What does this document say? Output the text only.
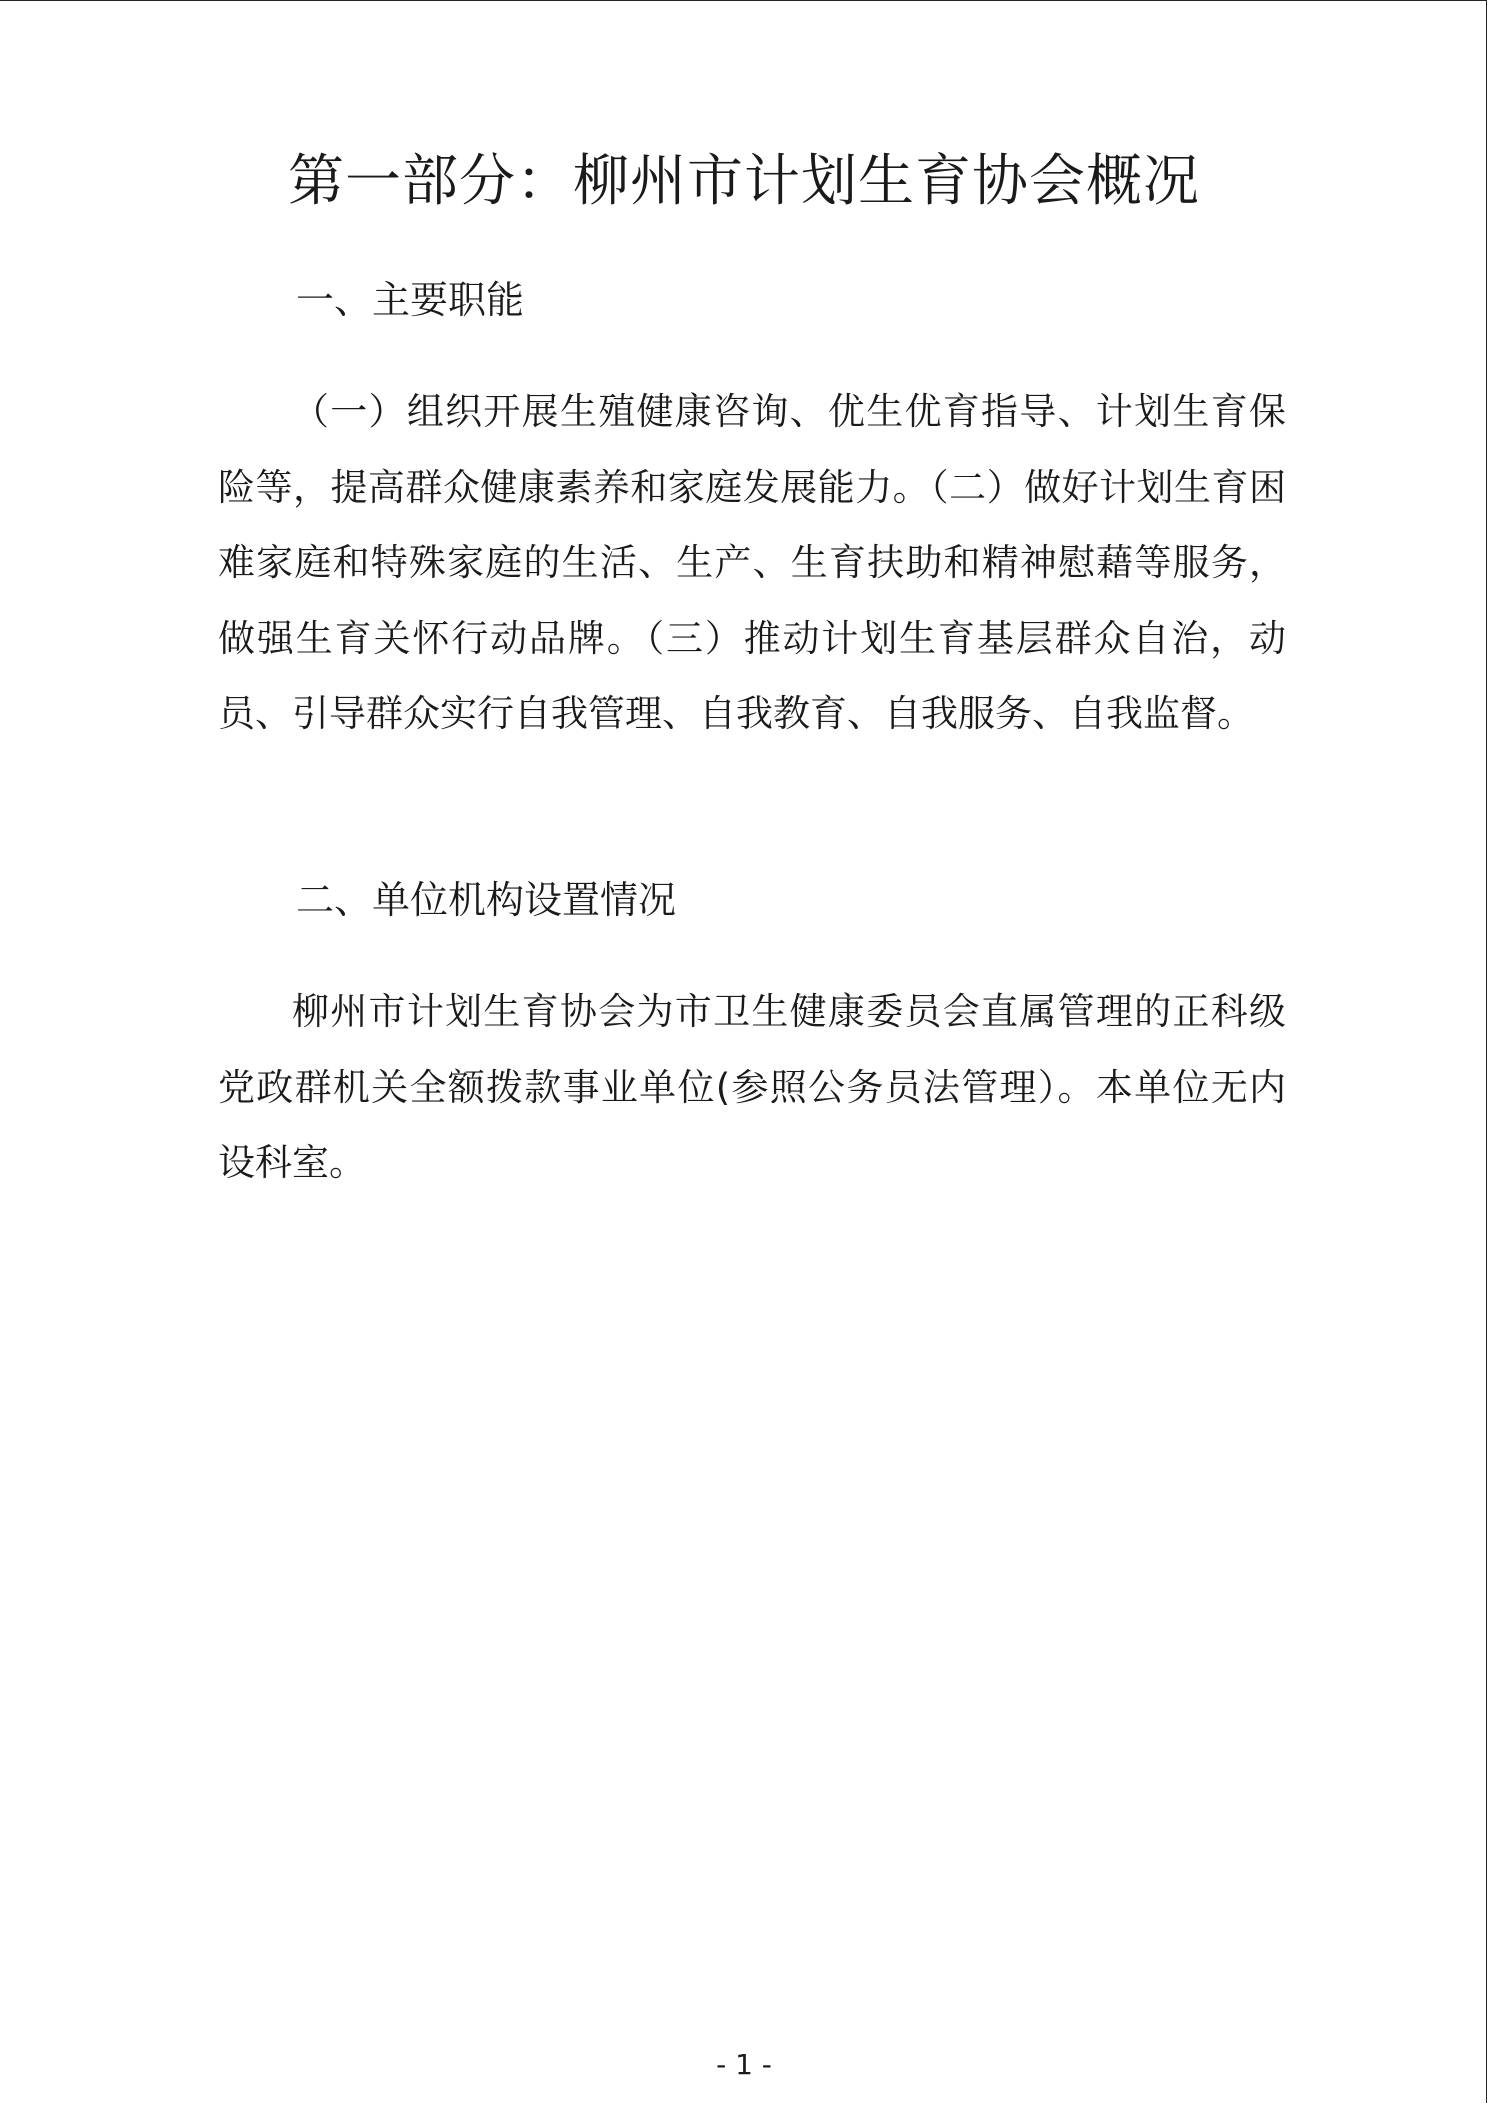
第一部分：柳州市计划生育协会概况
一、主要职能

（一）组织开展生殖健康咨询、优生优育指导、计划生育保险等，提高群众健康素养和家庭发展能力。（二）做好计划生育困难家庭和特殊家庭的生活、生产、生育扶助和精神慰藉等服务，做强生育关怀行动品牌。（三）推动计划生育基层群众自治，动员、引导群众实行自我管理、自我教育、自我服务、自我监督。

二、单位机构设置情况

柳州市计划生育协会为市卫生健康委员会直属管理的正科级党政群机关全额拨款事业单位(参照公务员法管理）。本单位无内设科室。

- 1 -
